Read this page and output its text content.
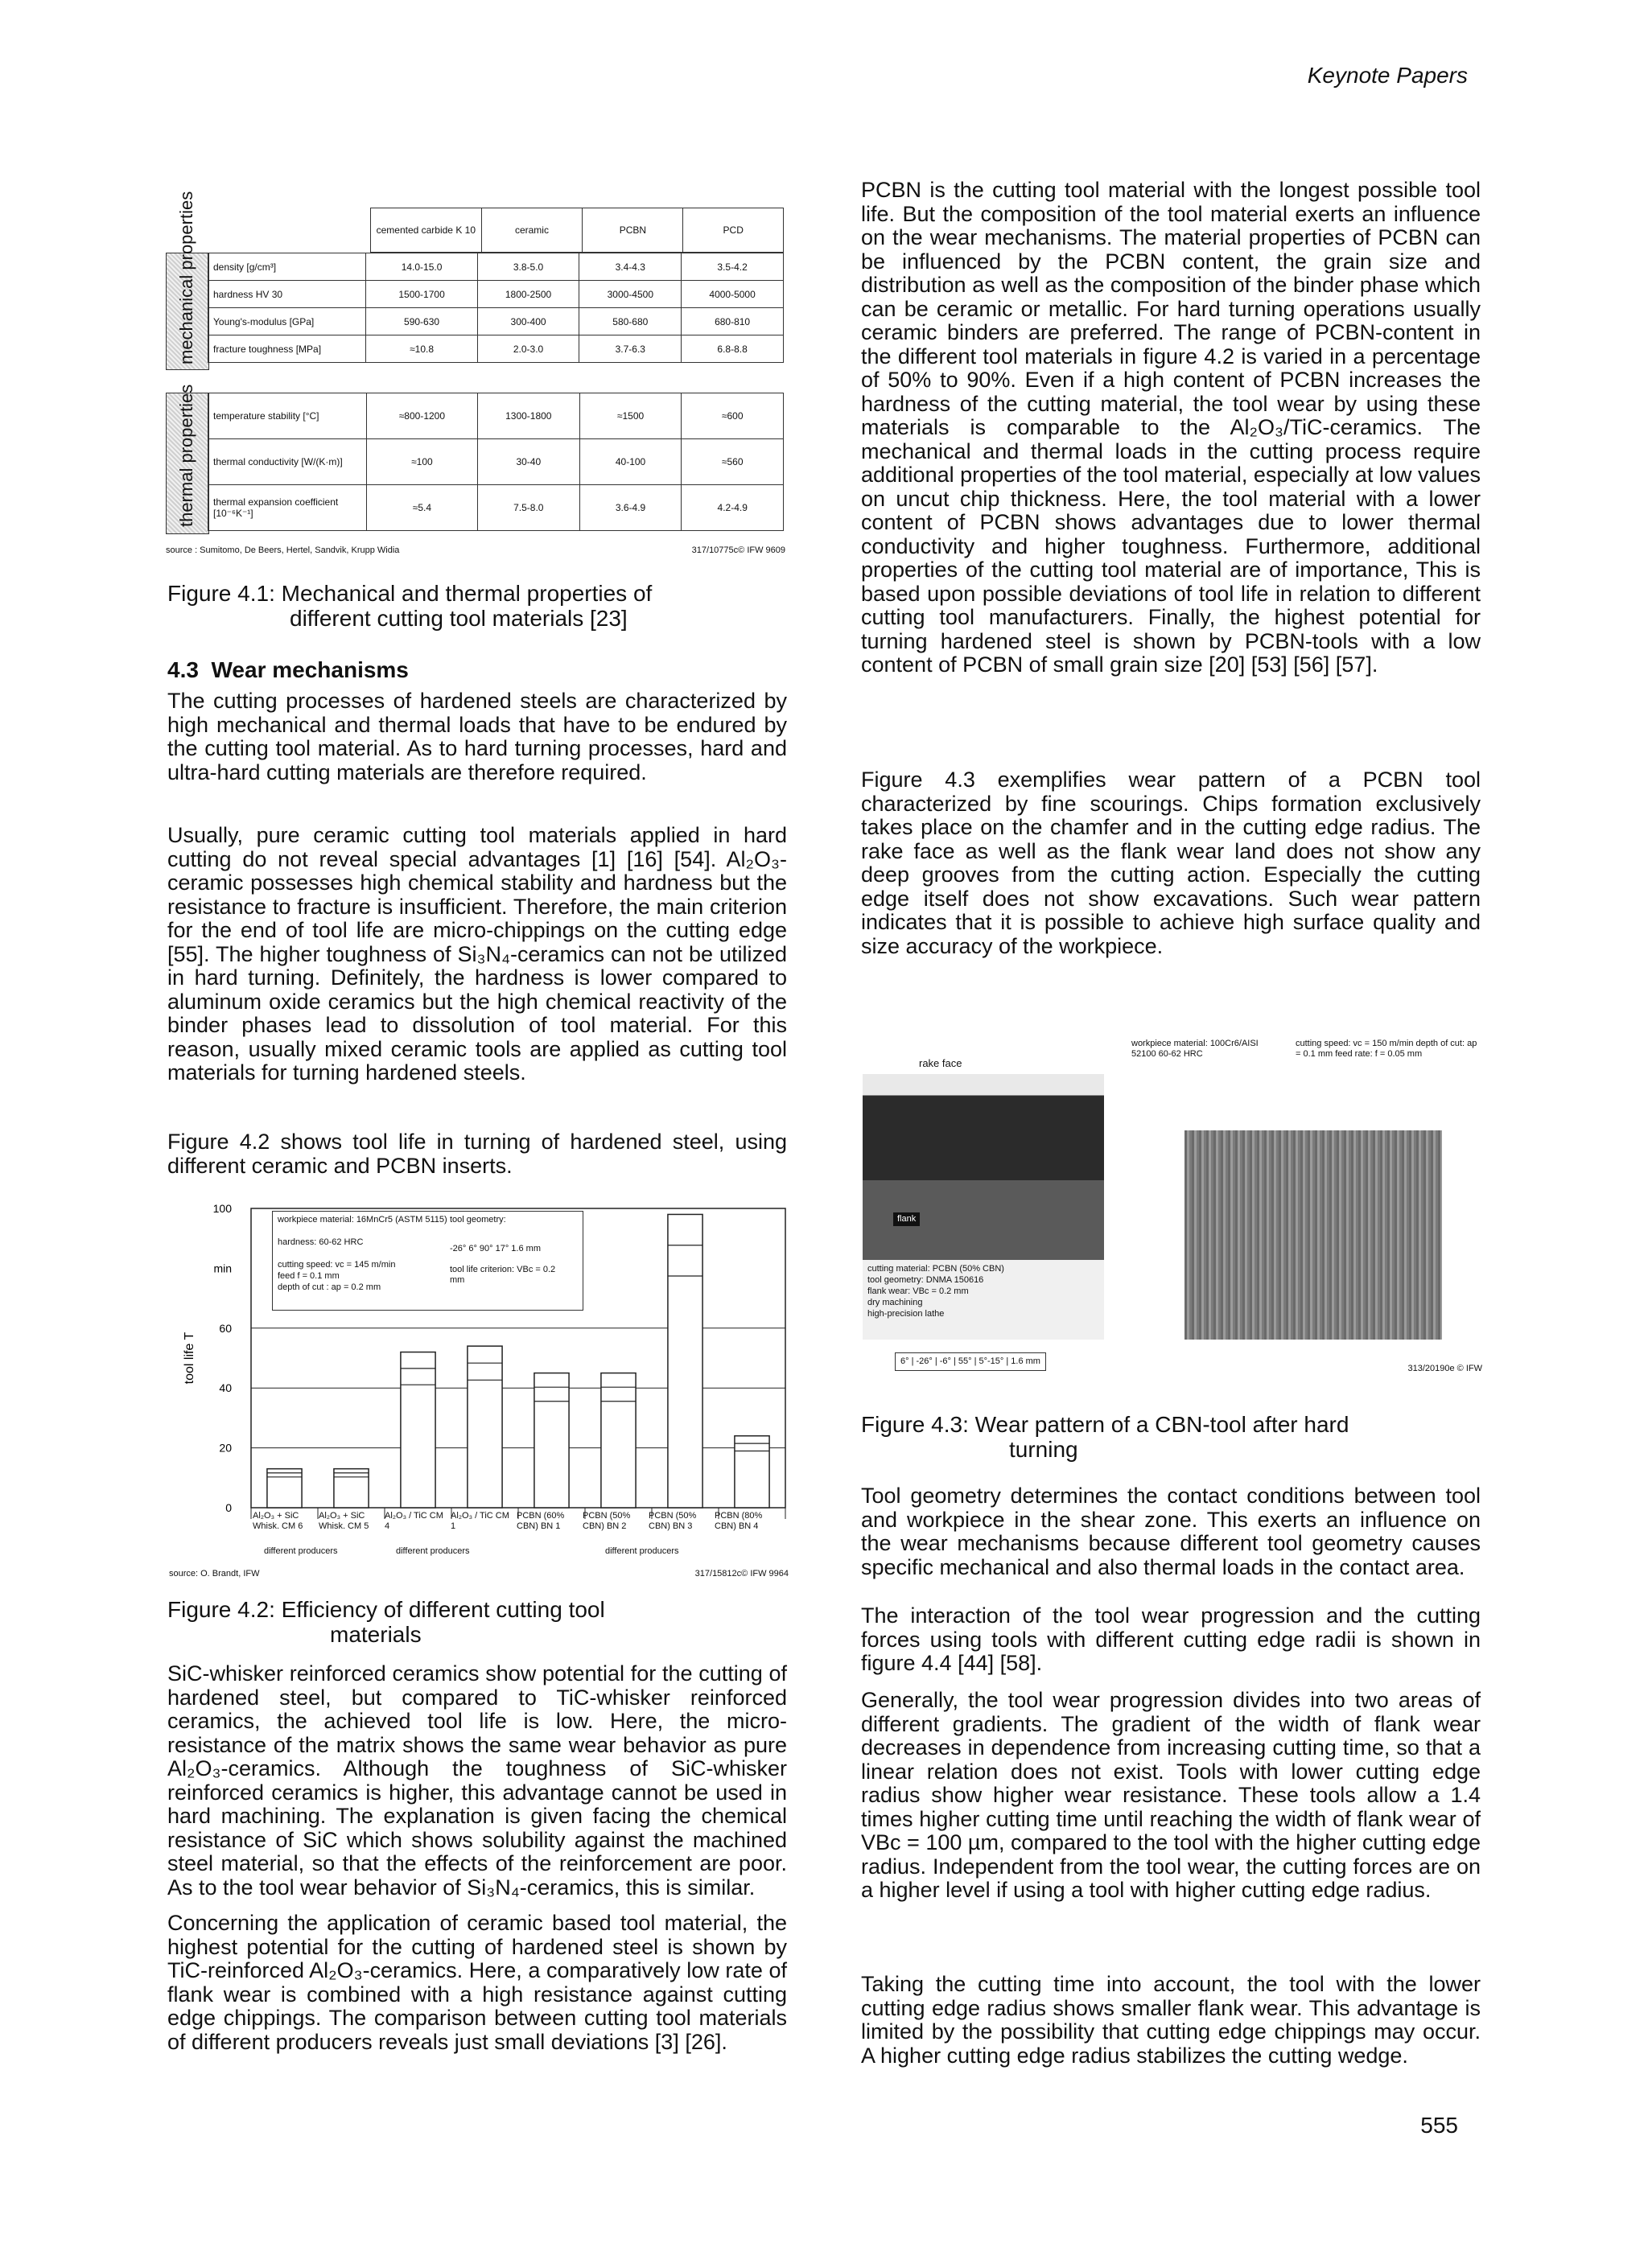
Keynote Papers
cemented carbide K 10	ceramic	PCBN	PCD
mechanical properties density [g/cm³]	14.0-15.0	3.8-5.0	3.4-4.3	3.5-4.2
hardness HV 30	1500-1700	1800-2500	3000-4500	4000-5000
Young's-modulus [GPa]	590-630	300-400	580-680	680-810
fracture toughness [MPa]	≈10.8	2.0-3.0	3.7-6.3	6.8-8.8
thermal properties temperature stability [°C]	≈800-1200	1300-1800	≈1500	≈600
thermal conductivity [W/(K·m)]	≈100	30-40	40-100	≈560
thermal expansion coefficient [10⁻⁶K⁻¹]	≈5.4	7.5-8.0	3.6-4.9	4.2-4.9
source : Sumitomo, De Beers, Hertel, Sandvik, Krupp Widia	317/10775c© IFW 9609
Figure 4.1: Mechanical and thermal properties of
different cutting tool materials [23]
4.3 Wear mechanisms

The cutting processes of hardened steels are characterized by high mechanical and thermal loads that have to be endured by the cutting tool material. As to hard turning processes, hard and ultra-hard cutting materials are therefore required.

Usually, pure ceramic cutting tool materials applied in hard cutting do not reveal special advantages [1] [16] [54]. Al₂O₃-ceramic possesses high chemical stability and hardness but the resistance to fracture is insufficient. Therefore, the main criterion for the end of tool life are micro-chippings on the cutting edge [55]. The higher toughness of Si₃N₄-ceramics can not be utilized in hard turning. Definitely, the hardness is lower compared to aluminum oxide ceramics but the high chemical reactivity of the binder phases lead to dissolution of tool material. For this reason, usually mixed ceramic tools are applied as cutting tool materials for turning hardened steels.

Figure 4.2 shows tool life in turning of hardened steel, using different ceramic and PCBN inserts.

0
20
40
60
100
min
tool life T
workpiece material: 16MnCr5 (ASTM 5115)
hardness: 60-62 HRC
cutting speed: vc = 145 m/min
feed f = 0.1 mm
depth of cut : ap = 0.2 mm
tool geometry:
-26° 6° 90° 17° 1.6 mm
tool life criterion: VBc = 0.2 mm
Al₂O₃ + SiC Whisk. CM 6
Al₂O₃ + SiC Whisk. CM 5
Al₂O₃ / TiC CM 4
Al₂O₃ / TiC CM 1
PCBN (60% CBN) BN 1
PCBN (50% CBN) BN 2
PCBN (50% CBN) BN 3
PCBN (80% CBN) BN 4
different producers	different producers	different producers
source: O. Brandt, IFW	317/15812c© IFW 9964
Figure 4.2: Efficiency of different cutting tool
materials

SiC-whisker reinforced ceramics show potential for the cutting of hardened steel, but compared to TiC-whisker reinforced ceramics, the achieved tool life is low. Here, the micro-resistance of the matrix shows the same wear behavior as pure Al₂O₃-ceramics. Although the toughness of SiC-whisker reinforced ceramics is higher, this advantage cannot be used in hard machining. The explanation is given facing the chemical resistance of SiC which shows solubility against the machined steel material, so that the effects of the reinforcement are poor. As to the tool wear behavior of Si₃N₄-ceramics, this is similar.

Concerning the application of ceramic based tool material, the highest potential for the cutting of hardened steel is shown by TiC-reinforced Al₂O₃-ceramics. Here, a comparatively low rate of flank wear is combined with a high resistance against cutting edge chippings. The comparison between cutting tool materials of different producers reveals just small deviations [3] [26].

PCBN is the cutting tool material with the longest possible tool life. But the composition of the tool material exerts an influence on the wear mechanisms. The material properties of PCBN can be influenced by the PCBN content, the grain size and distribution as well as the composition of the binder phase which can be ceramic or metallic. For hard turning operations usually ceramic binders are preferred. The range of PCBN-content in the different tool materials in figure 4.2 is varied in a percentage of 50% to 90%. Even if a high content of PCBN increases the hardness of the cutting material, the tool wear by using these materials is comparable to the Al₂O₃/TiC-ceramics. The mechanical and thermal loads in the cutting process require additional properties of the tool material, especially at low values on uncut chip thickness. Here, the tool material with a lower content of PCBN shows advantages due to lower thermal conductivity and higher toughness. Furthermore, additional properties of the cutting tool material are of importance, This is based upon possible deviations of tool life in relation to different cutting tool manufacturers. Finally, the highest potential for turning hardened steel is shown by PCBN-tools with a low content of PCBN of small grain size [20] [53] [56] [57].

Figure 4.3 exemplifies wear pattern of a PCBN tool characterized by fine scourings. Chips formation exclusively takes place on the chamfer and in the cutting edge radius. The rake face as well as the flank wear land does not show any deep grooves from the cutting action. Especially the cutting edge itself does not show excavations. Such wear pattern indicates that it is possible to achieve high surface quality and size accuracy of the workpiece.

rake face
workpiece material: 100Cr6/AISI 52100 60-62 HRC
cutting speed: vc = 150 m/min depth of cut: ap = 0.1 mm feed rate: f = 0.05 mm
flank
cutting material: PCBN (50% CBN)
tool geometry: DNMA 150616
flank wear: VBc = 0.2 mm
dry machining
high-precision lathe
6° | -26° | -6° | 55° | 5°-15° | 1.6 mm
313/20190e © IFW
Figure 4.3: Wear pattern of a CBN-tool after hard
turning

Tool geometry determines the contact conditions between tool and workpiece in the shear zone. This exerts an influence on the wear mechanisms because different tool geometry causes specific mechanical and also thermal loads in the contact area.

The interaction of the tool wear progression and the cutting forces using tools with different cutting edge radii is shown in figure 4.4 [44] [58].

Generally, the tool wear progression divides into two areas of different gradients. The gradient of the width of flank wear decreases in dependence from increasing cutting time, so that a linear relation does not exist. Tools with lower cutting edge radius show higher wear resistance. These tools allow a 1.4 times higher cutting time until reaching the width of flank wear of VBc = 100 µm, compared to the tool with the higher cutting edge radius. Independent from the tool wear, the cutting forces are on a higher level if using a tool with higher cutting edge radius.

Taking the cutting time into account, the tool with the lower cutting edge radius shows smaller flank wear. This advantage is limited by the possibility that cutting edge chippings may occur. A higher cutting edge radius stabilizes the cutting wedge.

555
